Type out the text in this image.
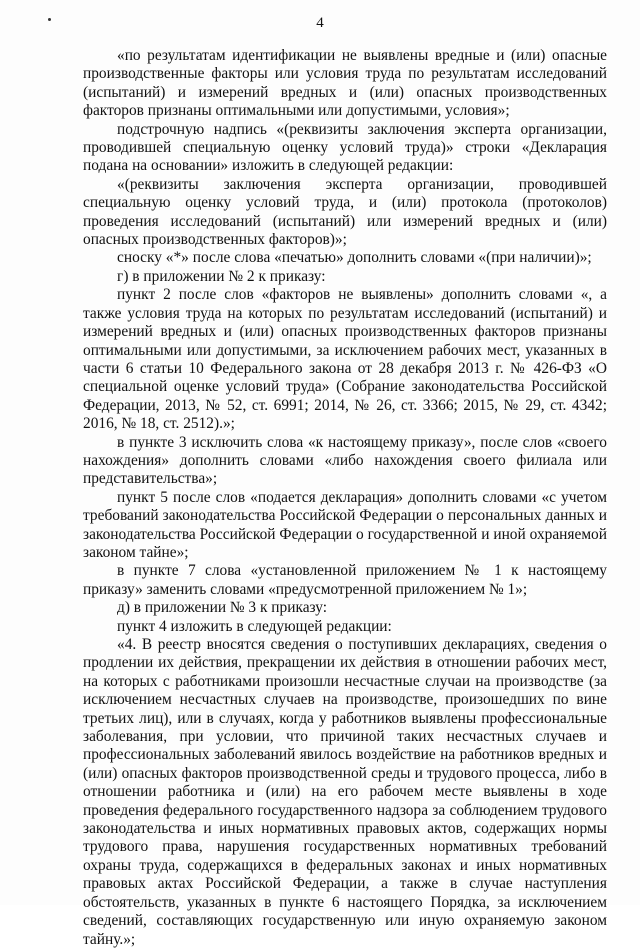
4

«по результатам идентификации не выявлены вредные и (или) опасные производственные факторы или условия труда по результатам исследований (испытаний) и измерений вредных и (или) опасных производственных факторов признаны оптимальными или допустимыми, условия»;

подстрочную надпись «(реквизиты заключения эксперта организации, проводившей специальную оценку условий труда)» строки «Декларация подана на основании» изложить в следующей редакции:

«(реквизиты заключения эксперта организации, проводившей специальную оценку условий труда, и (или) протокола (протоколов) проведения исследований (испытаний) или измерений вредных и (или) опасных производственных факторов)»;

сноску «*» после слова «печатью» дополнить словами «(при наличии)»;

г) в приложении № 2 к приказу:

пункт 2 после слов «факторов не выявлены» дополнить словами «, а также условия труда на которых по результатам исследований (испытаний) и измерений вредных и (или) опасных производственных факторов признаны оптимальными или допустимыми, за исключением рабочих мест, указанных в части 6 статьи 10 Федерального закона от 28 декабря 2013 г. № 426-ФЗ «О специальной оценке условий труда» (Собрание законодательства Российской Федерации, 2013, № 52, ст. 6991; 2014, № 26, ст. 3366; 2015, № 29, ст. 4342; 2016, № 18, ст. 2512).»;

в пункте 3 исключить слова «к настоящему приказу», после слов «своего нахождения» дополнить словами «либо нахождения своего филиала или представительства»;

пункт 5 после слов «подается декларация» дополнить словами «с учетом требований законодательства Российской Федерации о персональных данных и законодательства Российской Федерации о государственной и иной охраняемой законом тайне»;

в пункте 7 слова «установленной приложением № 1 к настоящему приказу» заменить словами «предусмотренной приложением № 1»;

д) в приложении № 3 к приказу:

пункт 4 изложить в следующей редакции:

«4. В реестр вносятся сведения о поступивших декларациях, сведения о продлении их действия, прекращении их действия в отношении рабочих мест, на которых с работниками произошли несчастные случаи на производстве (за исключением несчастных случаев на производстве, произошедших по вине третьих лиц), или в случаях, когда у работников выявлены профессиональные заболевания, при условии, что причиной таких несчастных случаев и профессиональных заболеваний явилось воздействие на работников вредных и (или) опасных факторов производственной среды и трудового процесса, либо в отношении работника и (или) на его рабочем месте выявлены в ходе проведения федерального государственного надзора за соблюдением трудового законодательства и иных нормативных правовых актов, содержащих нормы трудового права, нарушения государственных нормативных требований охраны труда, содержащихся в федеральных законах и иных нормативных правовых актах Российской Федерации, а также в случае наступления обстоятельств, указанных в пункте 6 настоящего Порядка, за исключением сведений, составляющих государственную или иную охраняемую законом тайну.»;
